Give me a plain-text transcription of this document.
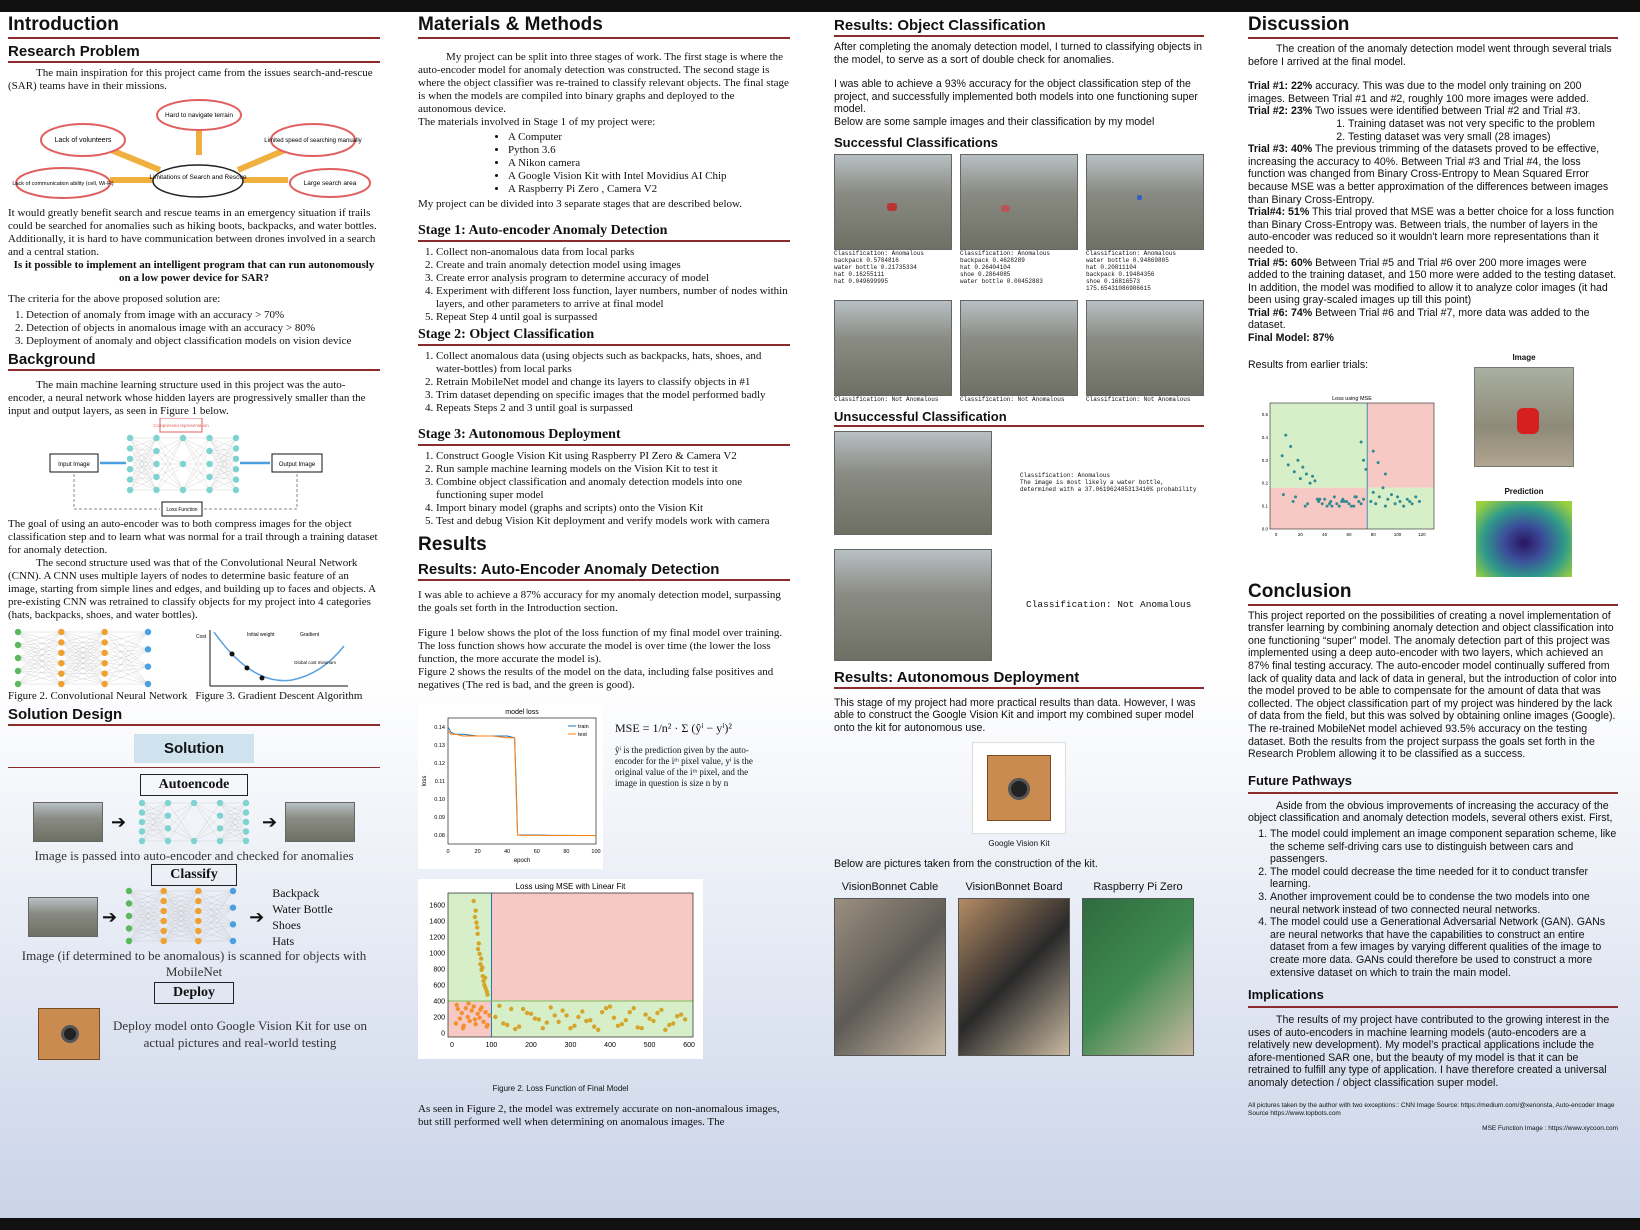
Introduction
Research Problem

The main inspiration for this project came from the issues search-and-rescue (SAR) teams have in their missions.

Limitations of Search and Rescue
Lack of volunteers
Hard to navigate terrain
Limited speed of searching manually
Lack of communication ability (cell, Wi-Fi)	Large search area

It would greatly benefit search and rescue teams in an emergency situation if trails could be searched for anomalies such as hiking boots, backpacks, and water bottles. Additionally, it is hard to have communication between drones involved in a search and a central station.

Is it possible to implement an intelligent program that can run autonomously on a low power device for SAR?

The criteria for the above proposed solution are:

1. Detection of anomaly from image with an accuracy > 70%
2. Detection of objects in anomalous image with an accuracy > 80%
3. Deployment of anomaly and object classification models on vision device
Background

The main machine learning structure used in this project was the auto-encoder, a neural network whose hidden layers are progressively smaller than the input and output layers, as seen in Figure 1 below.

Input Image	Output Image
Compressed representation
Loss Function

The goal of using an auto-encoder was to both compress images for the object classification step and to learn what was normal for a trail through a training dataset for anomaly detection.

The second structure used was that of the Convolutional Neural Network (CNN). A CNN uses multiple layers of nodes to determine basic feature of an image, starting from simple lines and edges, and building up to faces and objects. A pre-existing CNN was retrained to classify objects for my project into 4 categories (hats, backpacks, shoes, and water bottles).

Cost	Initial weight	Gradient
Global cost minimum
Figure 2. Convolutional Neural Network Figure 3. Gradient Descent Algorithm
Solution Design
Solution
Autoencode
➔	➔

Image is passed into auto-encoder and checked for anomalies

Classify
➔	➔
Backpack
Water Bottle
Shoes
Hats

Image (if determined to be anomalous) is scanned for objects with MobileNet

Deploy

Deploy model onto Google Vision Kit for use on actual pictures and real-world testing

Materials & Methods

My project can be split into three stages of work. The first stage is where the auto-encoder model for anomaly detection was constructed. The second stage is where the object classifier was re-trained to classify relevant objects. The final stage is when the models are compiled into binary graphs and deployed to the autonomous device.

The materials involved in Stage 1 of my project were:

• A Computer
• Python 3.6
• A Nikon camera
• A Google Vision Kit with Intel Movidius AI Chip
• A Raspberry Pi Zero , Camera V2

My project can be divided into 3 separate stages that are described below.

Stage 1: Auto-encoder Anomaly Detection
1. Collect non-anomalous data from local parks
2. Create and train anomaly detection model using images
3. Create error analysis program to determine accuracy of model
4. Experiment with different loss function, layer numbers, number of nodes within layers, and other parameters to arrive at final model
5. Repeat Step 4 until goal is surpassed
Stage 2: Object Classification
1. Collect anomalous data (using objects such as backpacks, hats, shoes, and water-bottles) from local parks
2. Retrain MobileNet model and change its layers to classify objects in #1
3. Trim dataset depending on specific images that the model performed badly
4. Repeats Steps 2 and 3 until goal is surpassed
Stage 3: Autonomous Deployment
1. Construct Google Vision Kit using Raspberry PI Zero & Camera V2
2. Run sample machine learning models on the Vision Kit to test it
3. Combine object classification and anomaly detection models into one functioning super model
4. Import binary model (graphs and scripts) onto the Vision Kit
5. Test and debug Vision Kit deployment and verify models work with camera
Results
Results: Auto-Encoder Anomaly Detection

I was able to achieve a 87% accuracy for my anomaly detection model, surpassing the goals set forth in the Introduction section.

Figure 1 below shows the plot of the loss function of my final model over training. The loss function shows how accurate the model is over time (the lower the loss function, the more accurate the model is).

Figure 2 shows the results of the model on the data, including false positives and negatives (The red is bad, and the green is good).

model loss
0	20	40	60	80	100
0.08
0.09
0.10
0.11
0.12
0.13
0.14
epoch
loss
train
test MSE = 1/n² · Σ (ŷⁱ − yⁱ)²

ŷⁱ is the prediction given by the auto-encoder for the iᵗʰ pixel value, yⁱ is the original value of the iᵗʰ pixel, and the image in question is size n by n

Loss using MSE with Linear Fit
0	100	200	300	400	500	600
0
200
400
600
800
1000
1200
1400
1600

Figure 2. Loss Function of Final Model

As seen in Figure 2, the model was extremely accurate on non-anomalous images, but still performed well when determining on anomalous images. The

Results: Object Classification

After completing the anomaly detection model, I turned to classifying objects in the model, to serve as a sort of double check for anomalies.

I was able to achieve a 93% accuracy for the object classification step of the project, and successfully implemented both models into one functioning super model.

Below are some sample images and their classification by my model

Successful Classifications
Classification: Anomalous
backpack 0.5784816
water bottle 0.21735334
hat 0.16255111
hat 0.049699995
Classification: Anomalous
backpack 0.4628289
hat 0.26404104
shoe 0.2864085
water bottle 0.00452883
Classification: Anomalous
water bottle 0.94869805
hat 0.20811104
backpack 0.19484356
shoe 0.16816573
175.65431086986615
Classification: Not Anomalous	Classification: Not Anomalous	Classification: Not Anomalous
Unsuccessful Classification
Classification: Anomalous
The image is most likely a water bottle, determined with a 37.061962485313416% probability
Classification: Not Anomalous
Results: Autonomous Deployment

This stage of my project had more practical results than data. However, I was able to construct the Google Vision Kit and import my combined super model onto the kit for autonomous use.

Google Vision Kit

Below are pictures taken from the construction of the kit.

VisionBonnet Cable	VisionBonnet Board	Raspberry Pi Zero

Discussion

The creation of the anomaly detection model went through several trials before I arrived at the final model.

Trial #1: 22% accuracy. This was due to the model only training on 200 images. Between Trial #1 and #2, roughly 100 more images were added.

Trial #2: 23% Two issues were identified between Trial #2 and Trial #3.

1. Training dataset was not very specific to the problem
2. Testing dataset was very small (28 images)

Trial #3: 40% The previous trimming of the datasets proved to be effective, increasing the accuracy to 40%. Between Trial #3 and Trial #4, the loss function was changed from Binary Cross-Entropy to Mean Squared Error because MSE was a better approximation of the differences between images than Binary Cross-Entropy.

Trial#4: 51% This trial proved that MSE was a better choice for a loss function than Binary Cross-Entropy was. Between trials, the number of layers in the auto-encoder was reduced so it wouldn't learn more representations than it needed to.

Trial #5: 60% Between Trial #5 and Trial #6 over 200 more images were added to the training dataset, and 150 more were added to the testing dataset. In addition, the model was modified to allow it to analyze color images (it had been using gray-scaled images up till this point)

Trial #6: 74% Between Trial #6 and Trial #7, more data was added to the dataset.

Final Model: 87%

Results from earlier trials:

Loss using MSE
0	20	40	60	80	100	120
0.0
0.1
0.2
0.3
0.4
0.5

Image

Prediction

Conclusion

This project reported on the possibilities of creating a novel implementation of transfer learning by combining anomaly detection and object classification into one functioning “super” model. The anomaly detection part of this project was implemented using a deep auto-encoder with two layers, which achieved an 87% final testing accuracy. The auto-encoder model continually suffered from lack of quality data and lack of data in general, but the introduction of color into the model proved to be able to compensate for the amount of data that was collected. The object classification part of my project was hindered by the lack of data from the field, but this was solved by obtaining online images (Google). The re-trained MobileNet model achieved 93.5% accuracy on the testing dataset. Both the results from the project surpass the goals set forth in the Research Problem allowing it to be classified as a success.

Future Pathways

Aside from the obvious improvements of increasing the accuracy of the object classification and anomaly detection models, several others exist. First,

1. The model could implement an image component separation scheme, like the scheme self-driving cars use to distinguish between cars and passengers.
2. The model could decrease the time needed for it to conduct transfer learning.
3. Another improvement could be to condense the two models into one neural network instead of two connected neural networks.
4. The model could use a Generational Adversarial Network (GAN). GANs are neural networks that have the capabilities to construct an entire dataset from a few images by varying different qualities of the image to create more data. GANs could therefore be used to construct a more extensive dataset on which to train the main model.
Implications

The results of my project have contributed to the growing interest in the uses of auto-encoders in machine learning models (auto-encoders are a relatively new development). My model’s practical applications include the afore-mentioned SAR one, but the beauty of my model is that it can be retrained to fulfill any type of application. I have therefore created a universal anomaly detection / object classification super model.

All pictures taken by the author with two exceptions:: CNN Image Source: https://medium.com/@xenonsta, Auto-encoder Image Source https://www.topbots.com

MSE Function Image : https://www.xycoon.com
